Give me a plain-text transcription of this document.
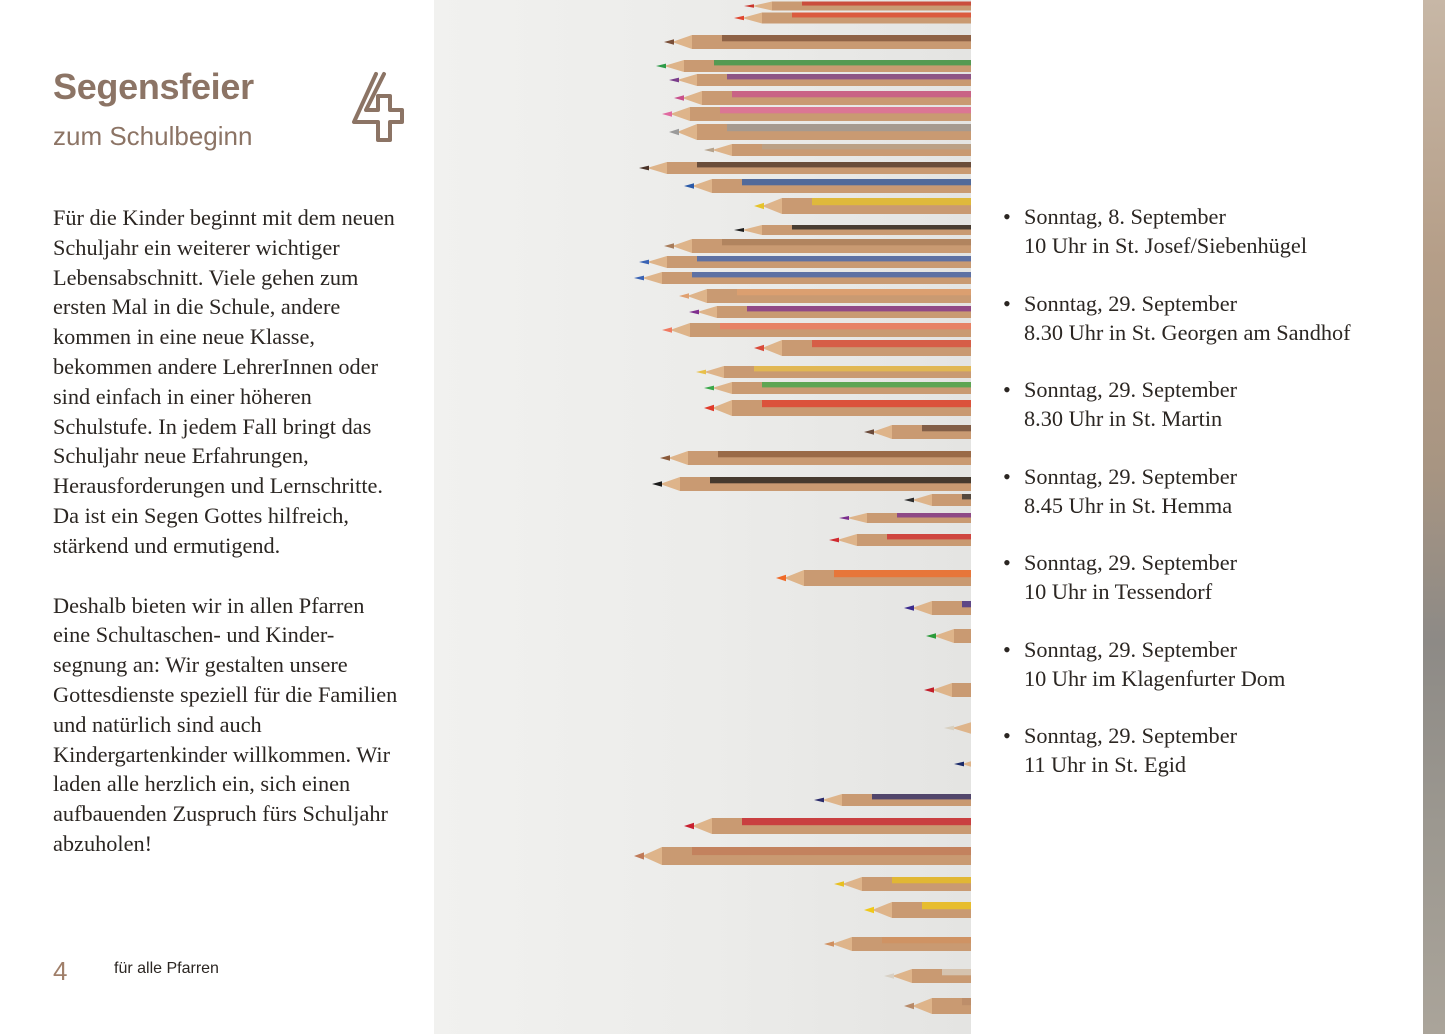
Segensfeier
zum Schulbeginn

Für die Kinder beginnt mit dem neuen Schuljahr ein weiterer wichtiger Lebensabschnitt. Viele gehen zum ersten Mal in die Schule, andere kommen in eine neue Klasse, bekommen andere LehrerInnen oder sind einfach in einer höheren Schulstufe. In jedem Fall bringt das Schuljahr neue Erfahrungen, Herausforderungen und Lernschritte. Da ist ein Segen Gottes hilfreich, stärkend und ermutigend.

Deshalb bieten wir in allen Pfarren eine Schultaschen- und Kinder-segnung an: Wir gestalten unsere Gottesdienste speziell für die Familien und natürlich sind auch Kindergartenkinder willkommen. Wir laden alle herzlich ein, sich einen aufbauenden Zuspruch fürs Schuljahr abzuholen!

4	für alle Pfarren
• Sonntag, 8. September
10 Uhr in St. Josef/Siebenhügel
• Sonntag, 29. September
8.30 Uhr in St. Georgen am Sandhof
• Sonntag, 29. September
8.30 Uhr in St. Martin
• Sonntag, 29. September
8.45 Uhr in St. Hemma
• Sonntag, 29. September
10 Uhr in Tessendorf
• Sonntag, 29. September
10 Uhr im Klagenfurter Dom
• Sonntag, 29. September
11 Uhr in St. Egid
